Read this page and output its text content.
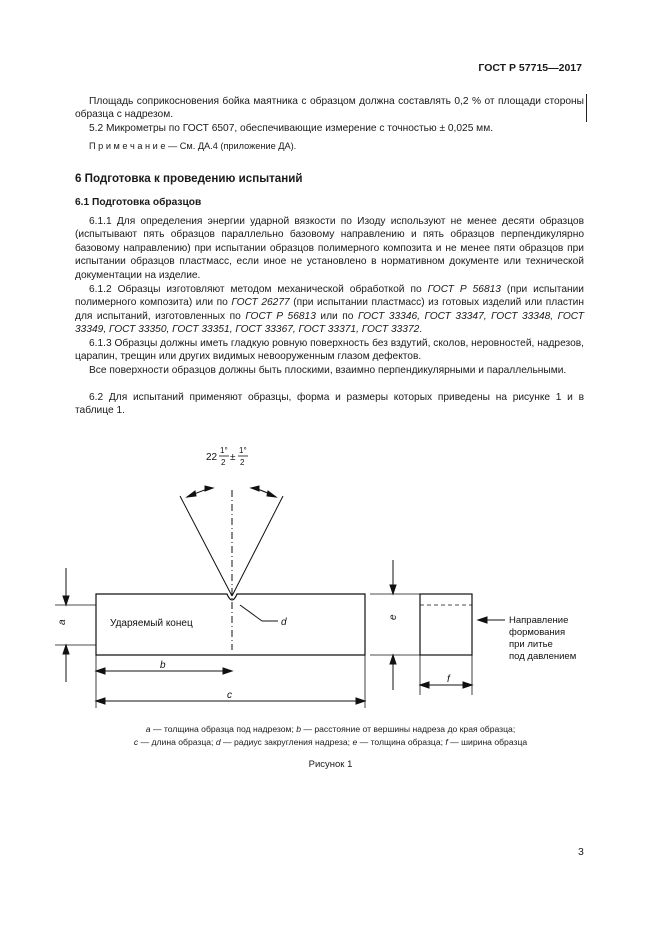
ГОСТ Р 57715—2017
Площадь соприкосновения бойка маятника с образцом должна составлять 0,2 % от площади стороны образца с надрезом.
5.2 Микрометры по ГОСТ 6507, обеспечивающие измерение с точностью ± 0,025 мм.
П р и м е ч а н и е — См. ДА.4 (приложение ДА).
6 Подготовка к проведению испытаний
6.1 Подготовка образцов
6.1.1 Для определения энергии ударной вязкости по Изоду используют не менее десяти образцов (испытывают пять образцов параллельно базовому направлению и пять образцов перпендикулярно базовому направлению) при испытании образцов полимерного композита и не менее пяти образцов при испытании образцов пластмасс, если иное не установлено в нормативном документе или технической документации на изделие.
6.1.2 Образцы изготовляют методом механической обработкой по ГОСТ Р 56813 (при испытании полимерного композита) или по ГОСТ 26277 (при испытании пластмасс) из готовых изделий или пластин для испытаний, изготовленных по ГОСТ Р 56813 или по ГОСТ 33346, ГОСТ 33347, ГОСТ 33348, ГОСТ 33349, ГОСТ 33350, ГОСТ 33351, ГОСТ 33367, ГОСТ 33371, ГОСТ 33372.
6.1.3 Образцы должны иметь гладкую ровную поверхность без вздутий, сколов, неровностей, надрезов, царапин, трещин или других видимых невооруженным глазом дефектов.
Все поверхности образцов должны быть плоскими, взаимно перпендикулярными и параллельными.
6.2 Для испытаний применяют образцы, форма и размеры которых приведены на рисунке 1 и в таблице 1.
22
1°
2 ±
1°
2
Ударяемый конец	d
b
c
f
a
e	Направление
формования
при литье
под давлением
a — толщина образца под надрезом; b — расстояние от вершины надреза до края образца;
c — длина образца; d — радиус закругления надреза; e — толщина образца; f — ширина образца
Рисунок 1
3
